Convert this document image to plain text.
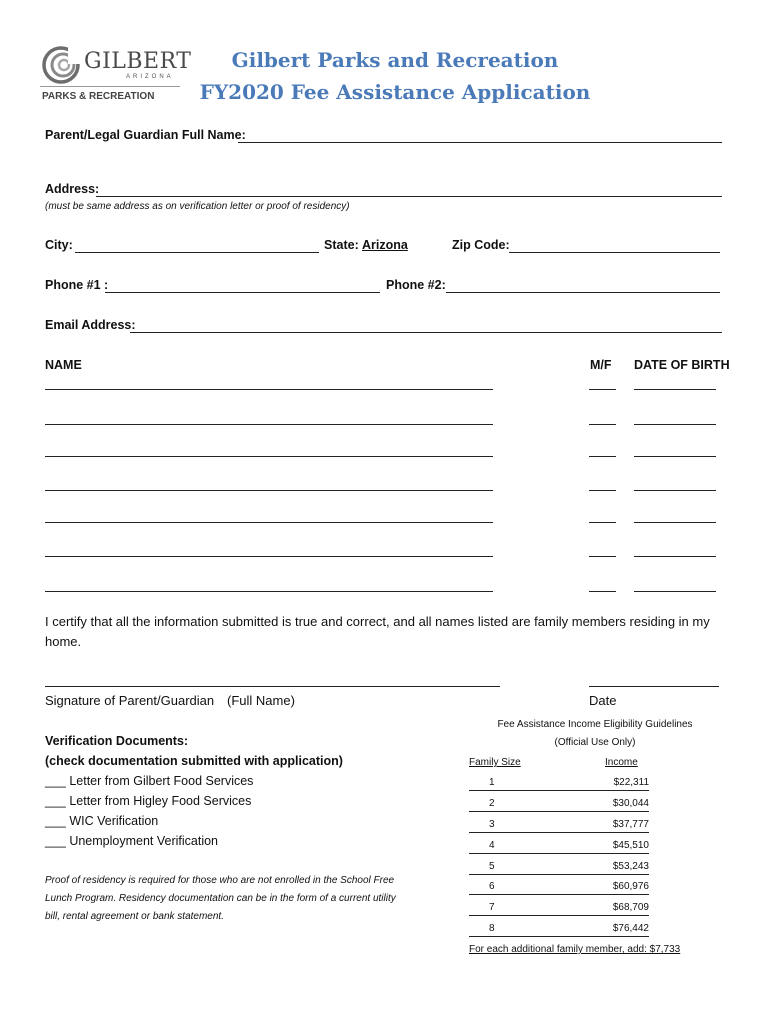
GILBERT
ARIZONA
PARKS & RECREATION
Gilbert Parks and Recreation
FY2020 Fee Assistance Application
Parent/Legal Guardian Full Name:
Address:
(must be same address as on verification letter or proof of residency)
City:	State: Arizona	Zip Code:
Phone #1 :	Phone #2:
Email Address:
NAME	M/F DATE OF BIRTH
I certify that all the information submitted is true and correct, and all names listed are family members residing in my home.
Signature of Parent/Guardian (Full Name)	Date
Verification Documents:
(check documentation submitted with application)
___ Letter from Gilbert Food Services
___ Letter from Higley Food Services
___ WIC Verification
___ Unemployment Verification
Proof of residency is required for those who are not enrolled in the School Free Lunch Program. Residency documentation can be in the form of a current utility bill, rental agreement or bank statement.
Fee Assistance Income Eligibility Guidelines
(Official Use Only)
Family Size	Income
1	$22,311
2	$30,044
3	$37,777
4	$45,510
5	$53,243
6	$60,976
7	$68,709
8	$76,442
For each additional family member, add: $7,733
